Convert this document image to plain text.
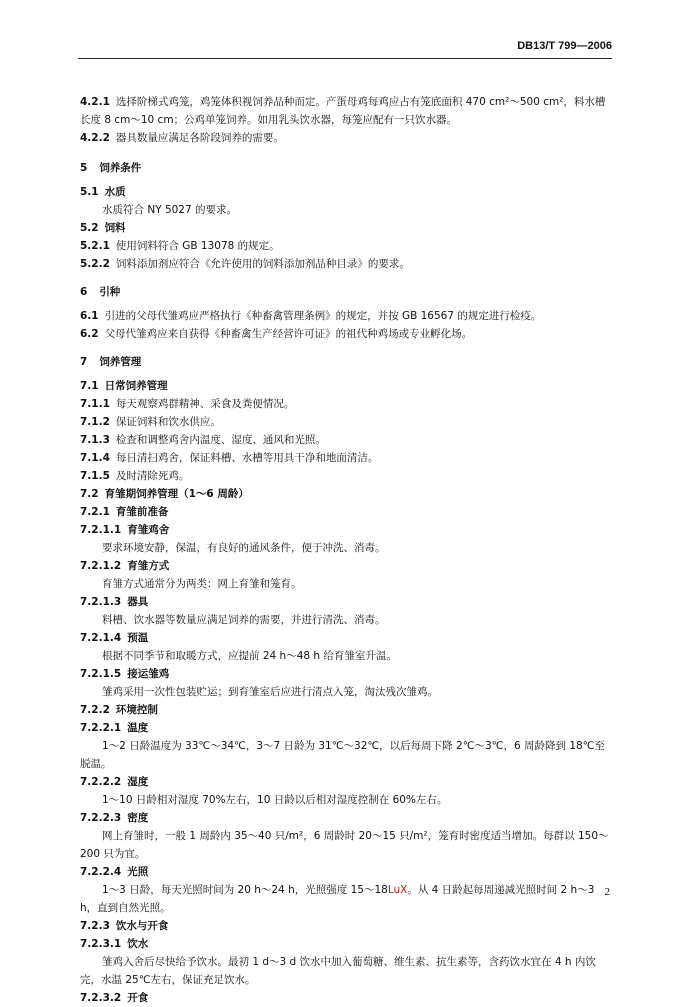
DB13/T 799—2006

4.2.1 选择阶梯式鸡笼，鸡笼体积视饲养品种而定。产蛋母鸡每鸡应占有笼底面积 470 cm²～500 cm²，料水槽长度 8 cm～10 cm；公鸡单笼饲养。如用乳头饮水器，每笼应配有一只饮水器。

4.2.2 器具数量应满足各阶段饲养的需要。

5 饲养条件

5.1 水质

水质符合 NY 5027 的要求。

5.2 饲料

5.2.1 使用饲料符合 GB 13078 的规定。

5.2.2 饲料添加剂应符合《允许使用的饲料添加剂品种目录》的要求。

6 引种

6.1 引进的父母代雏鸡应严格执行《种畜禽管理条例》的规定，并按 GB 16567 的规定进行检疫。

6.2 父母代雏鸡应来自获得《种畜禽生产经营许可证》的祖代种鸡场或专业孵化场。

7 饲养管理

7.1 日常饲养管理

7.1.1 每天观察鸡群精神、采食及粪便情况。

7.1.2 保证饲料和饮水供应。

7.1.3 检查和调整鸡舍内温度、湿度、通风和光照。

7.1.4 每日清扫鸡舍，保证料槽、水槽等用具干净和地面清洁。

7.1.5 及时清除死鸡。

7.2 育雏期饲养管理（1～6 周龄）

7.2.1 育雏前准备

7.2.1.1 育雏鸡舍

要求环境安静，保温，有良好的通风条件，便于冲洗、消毒。

7.2.1.2 育雏方式

育雏方式通常分为两类：网上育雏和笼育。

7.2.1.3 器具

料槽、饮水器等数量应满足饲养的需要，并进行清洗、消毒。

7.2.1.4 预温

根据不同季节和取暖方式，应提前 24 h～48 h 给育雏室升温。

7.2.1.5 接运雏鸡

雏鸡采用一次性包装贮运；到育雏室后应进行清点入笼，淘汰残次雏鸡。

7.2.2 环境控制

7.2.2.1 温度

1～2 日龄温度为 33℃～34℃，3～7 日龄为 31℃～32℃，以后每周下降 2℃～3℃，6 周龄降到 18℃至脱温。

7.2.2.2 湿度

1～10 日龄相对湿度 70%左右，10 日龄以后相对湿度控制在 60%左右。

7.2.2.3 密度

网上育雏时，一般 1 周龄内 35～40 只/m²，6 周龄时 20～15 只/m²，笼育时密度适当增加。每群以 150～200 只为宜。

7.2.2.4 光照

1～3 日龄，每天光照时间为 20 h～24 h，光照强度 15～18LuX。从 4 日龄起每周递减光照时间 2 h～3 h，直到自然光照。

7.2.3 饮水与开食

7.2.3.1 饮水

雏鸡入舍后尽快给予饮水。最初 1 d～3 d 饮水中加入葡萄糖、维生素、抗生素等，含药饮水宜在 4 h 内饮完，水温 25℃左右，保证充足饮水。

7.2.3.2 开食

2
